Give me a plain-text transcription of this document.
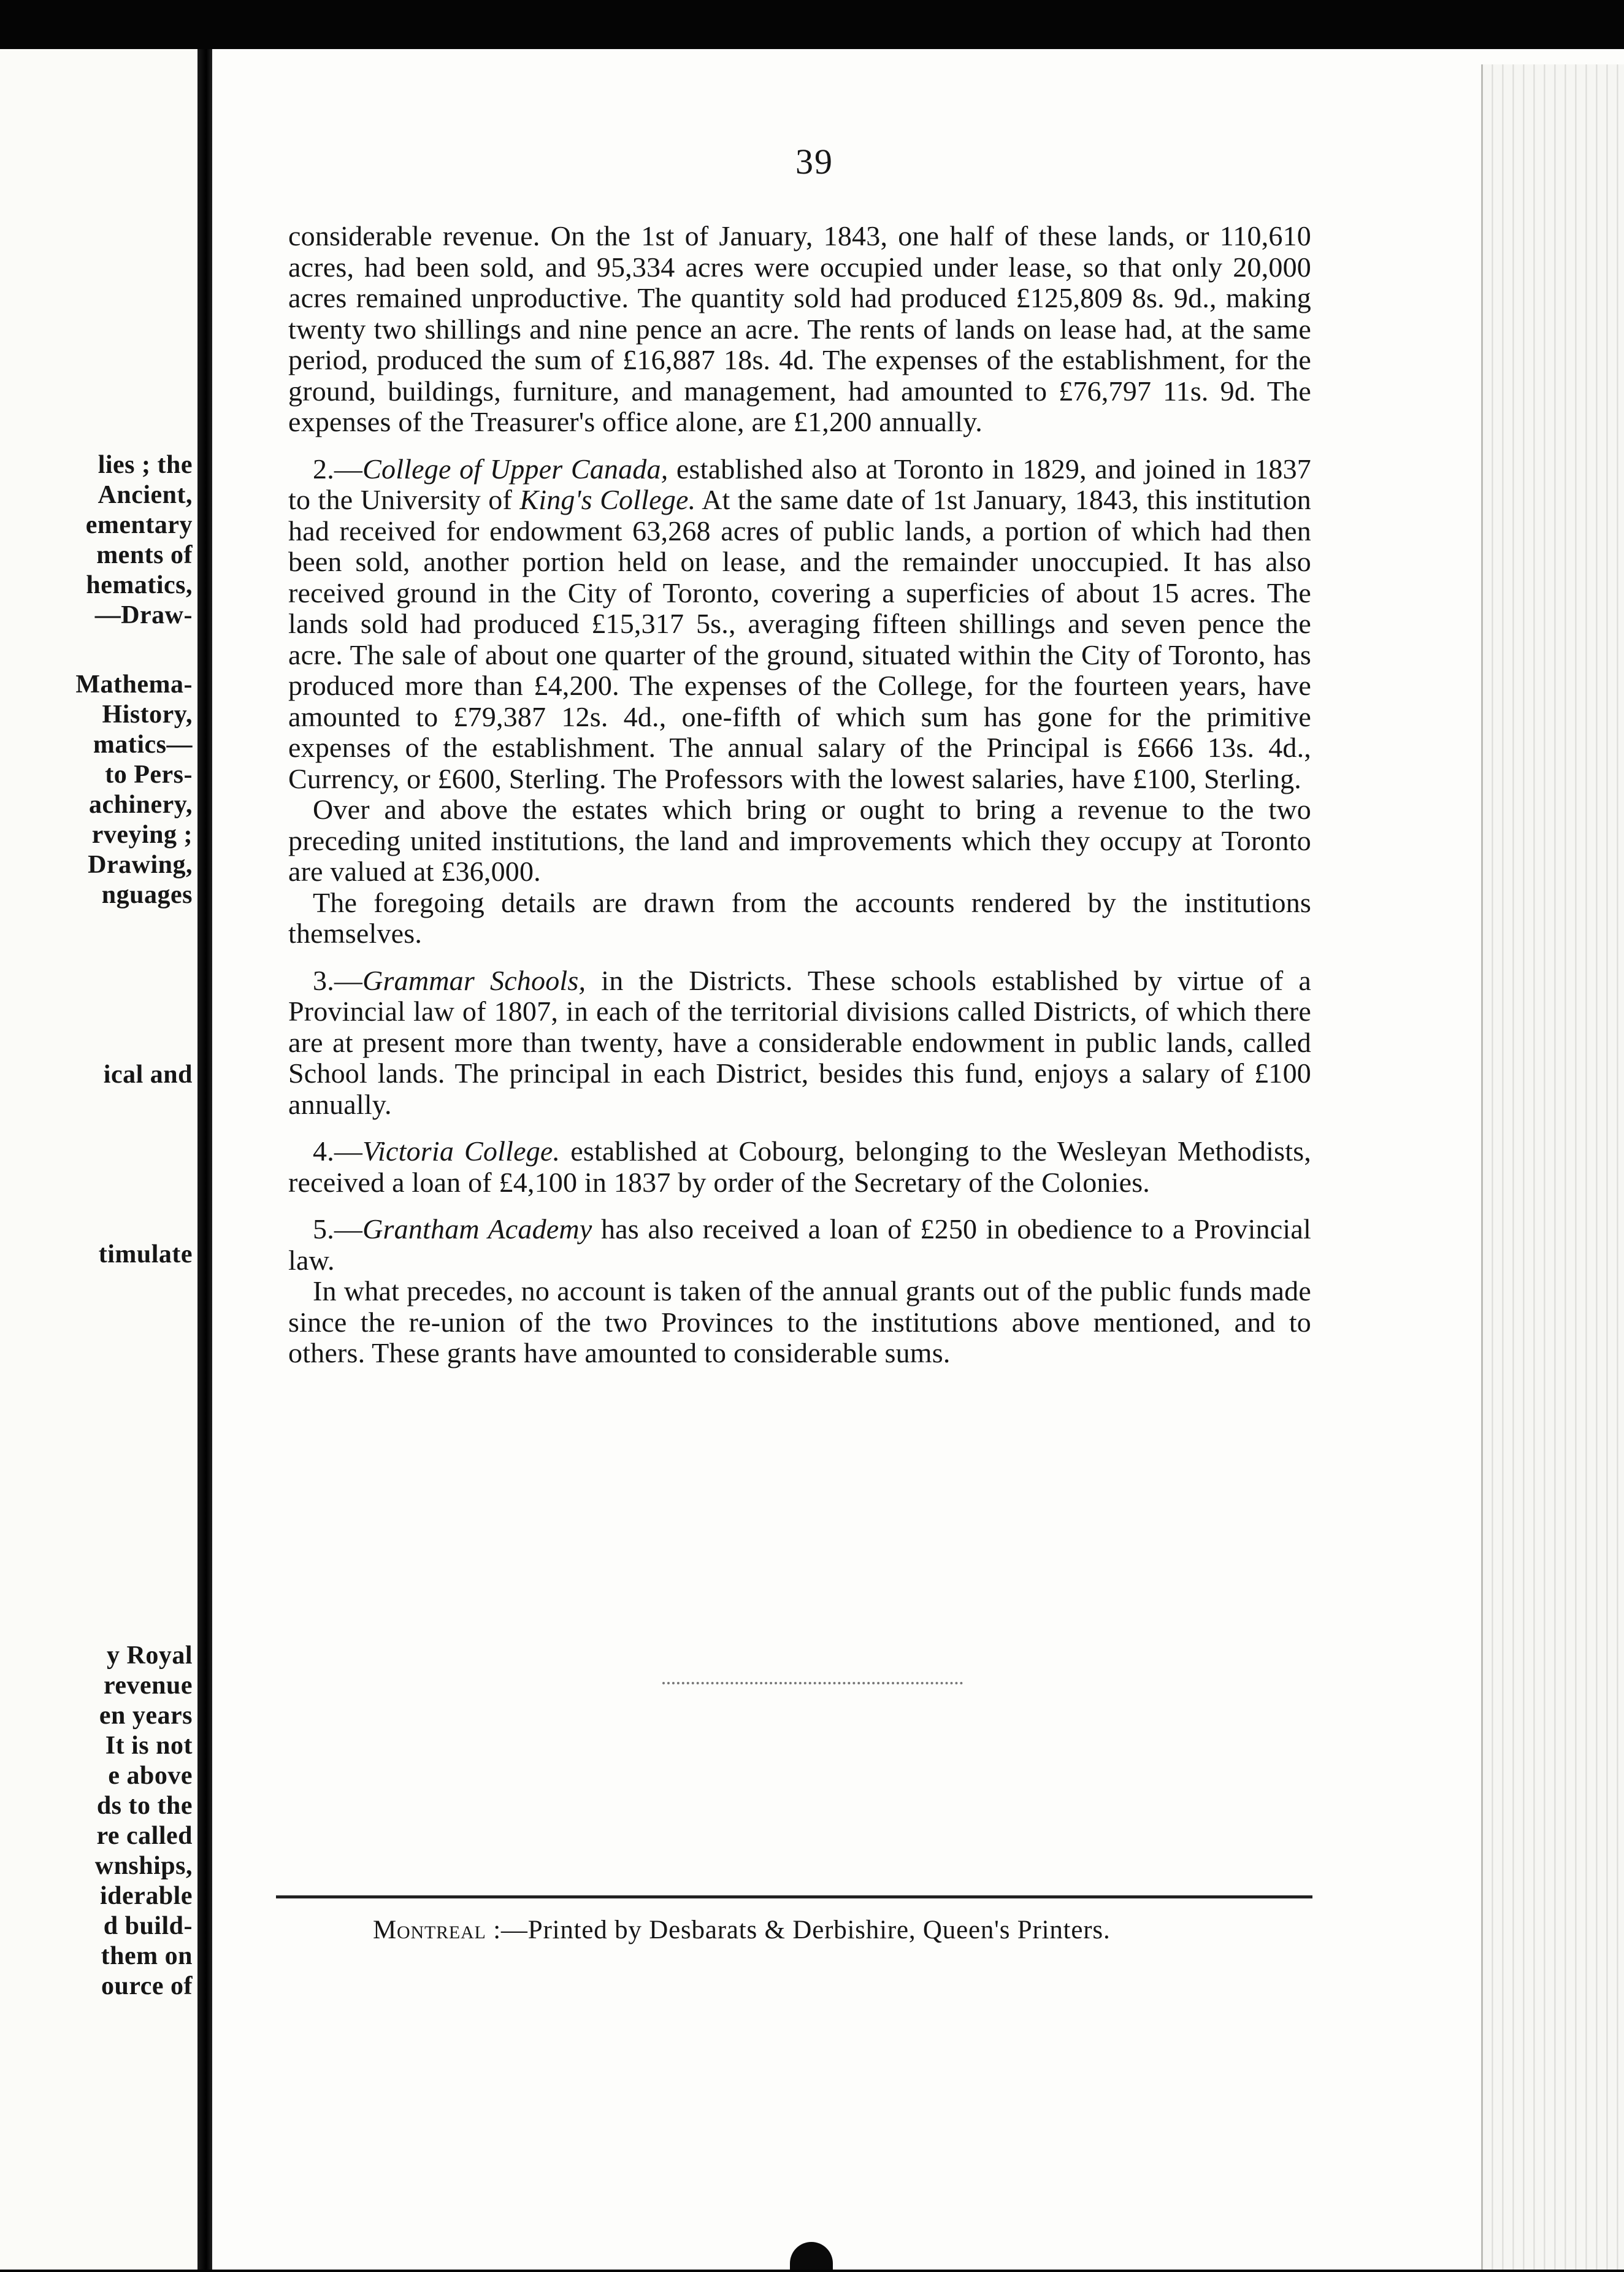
lies ; the
Ancient,
ementary
ments of
hematics,
—Draw-
Mathema-
History,
matics—
to Pers-
achinery,
rveying ;
Drawing,
nguages
ical and
timulate
y Royal
revenue
en years
It is not
e above
ds to the
re called
wnships,
iderable
d build-
them on
ource of
39

considerable revenue. On the 1st of January, 1843, one half of these lands, or 110,610 acres, had been sold, and 95,334 acres were occupied under lease, so that only 20,000 acres remained unproductive. The quantity sold had produced £125,809 8s. 9d., making twenty two shillings and nine pence an acre. The rents of lands on lease had, at the same period, produced the sum of £16,887 18s. 4d. The expenses of the establishment, for the ground, buildings, furniture, and management, had amounted to £76,797 11s. 9d. The expenses of the Treasurer's office alone, are £1,200 annually.

2.—College of Upper Canada, established also at Toronto in 1829, and joined in 1837 to the University of King's College. At the same date of 1st January, 1843, this institution had received for endowment 63,268 acres of public lands, a portion of which had then been sold, another portion held on lease, and the remainder unoccupied. It has also received ground in the City of Toronto, covering a superficies of about 15 acres. The lands sold had produced £15,317 5s., averaging fifteen shillings and seven pence the acre. The sale of about one quarter of the ground, situated within the City of Toronto, has produced more than £4,200. The expenses of the College, for the fourteen years, have amounted to £79,387 12s. 4d., one-fifth of which sum has gone for the primitive expenses of the establishment. The annual salary of the Principal is £666 13s. 4d., Currency, or £600, Sterling. The Professors with the lowest salaries, have £100, Sterling.

Over and above the estates which bring or ought to bring a revenue to the two preceding united institutions, the land and improvements which they occupy at Toronto are valued at £36,000.

The foregoing details are drawn from the accounts rendered by the institutions themselves.

3.—Grammar Schools, in the Districts. These schools established by virtue of a Provincial law of 1807, in each of the territorial divisions called Districts, of which there are at present more than twenty, have a considerable endowment in public lands, called School lands. The principal in each District, besides this fund, enjoys a salary of £100 annually.

4.—Victoria College. established at Cobourg, belonging to the Wesleyan Methodists, received a loan of £4,100 in 1837 by order of the Secretary of the Colonies.

5.—Grantham Academy has also received a loan of £250 in obedience to a Provincial law.

In what precedes, no account is taken of the annual grants out of the public funds made since the re-union of the two Provinces to the institutions above mentioned, and to others. These grants have amounted to considerable sums.

Montreal :—Printed by Desbarats & Derbishire, Queen's Printers.
